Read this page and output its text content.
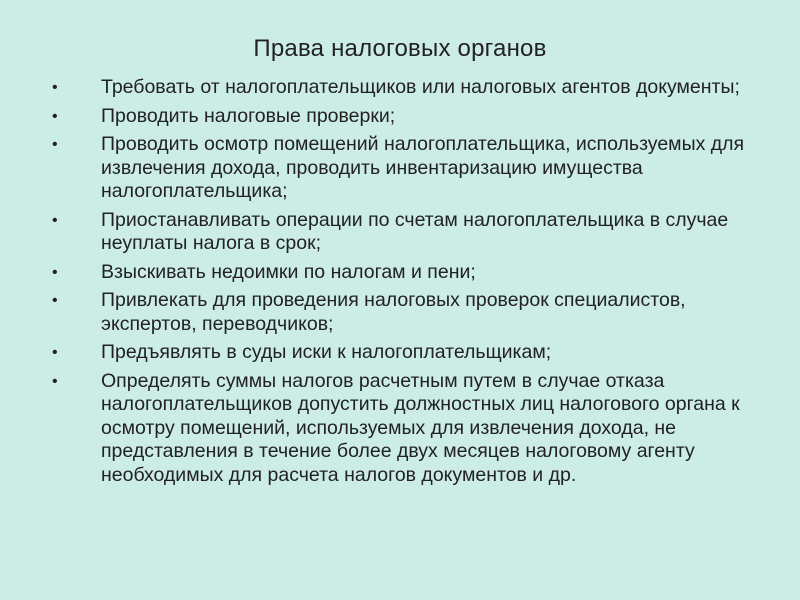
Права налоговых органов
•	Требовать от налогоплательщиков или налоговых агентов документы;
•	Проводить налоговые проверки;
•	Проводить осмотр помещений налогоплательщика, используемых для извлечения дохода, проводить инвентаризацию имущества налогоплательщика;
•	Приостанавливать операции по счетам налогоплательщика в случае неуплаты налога в срок;
•	Взыскивать недоимки по налогам и пени;
•	Привлекать для проведения налоговых проверок специалистов, экспертов, переводчиков;
•	Предъявлять в суды иски к налогоплательщикам;
•	Определять суммы налогов расчетным путем в случае отказа налогоплательщиков допустить должностных лиц налогового органа к осмотру помещений, используемых для извлечения дохода, не представления в течение более двух месяцев налоговому агенту необходимых для расчета налогов документов и др.
